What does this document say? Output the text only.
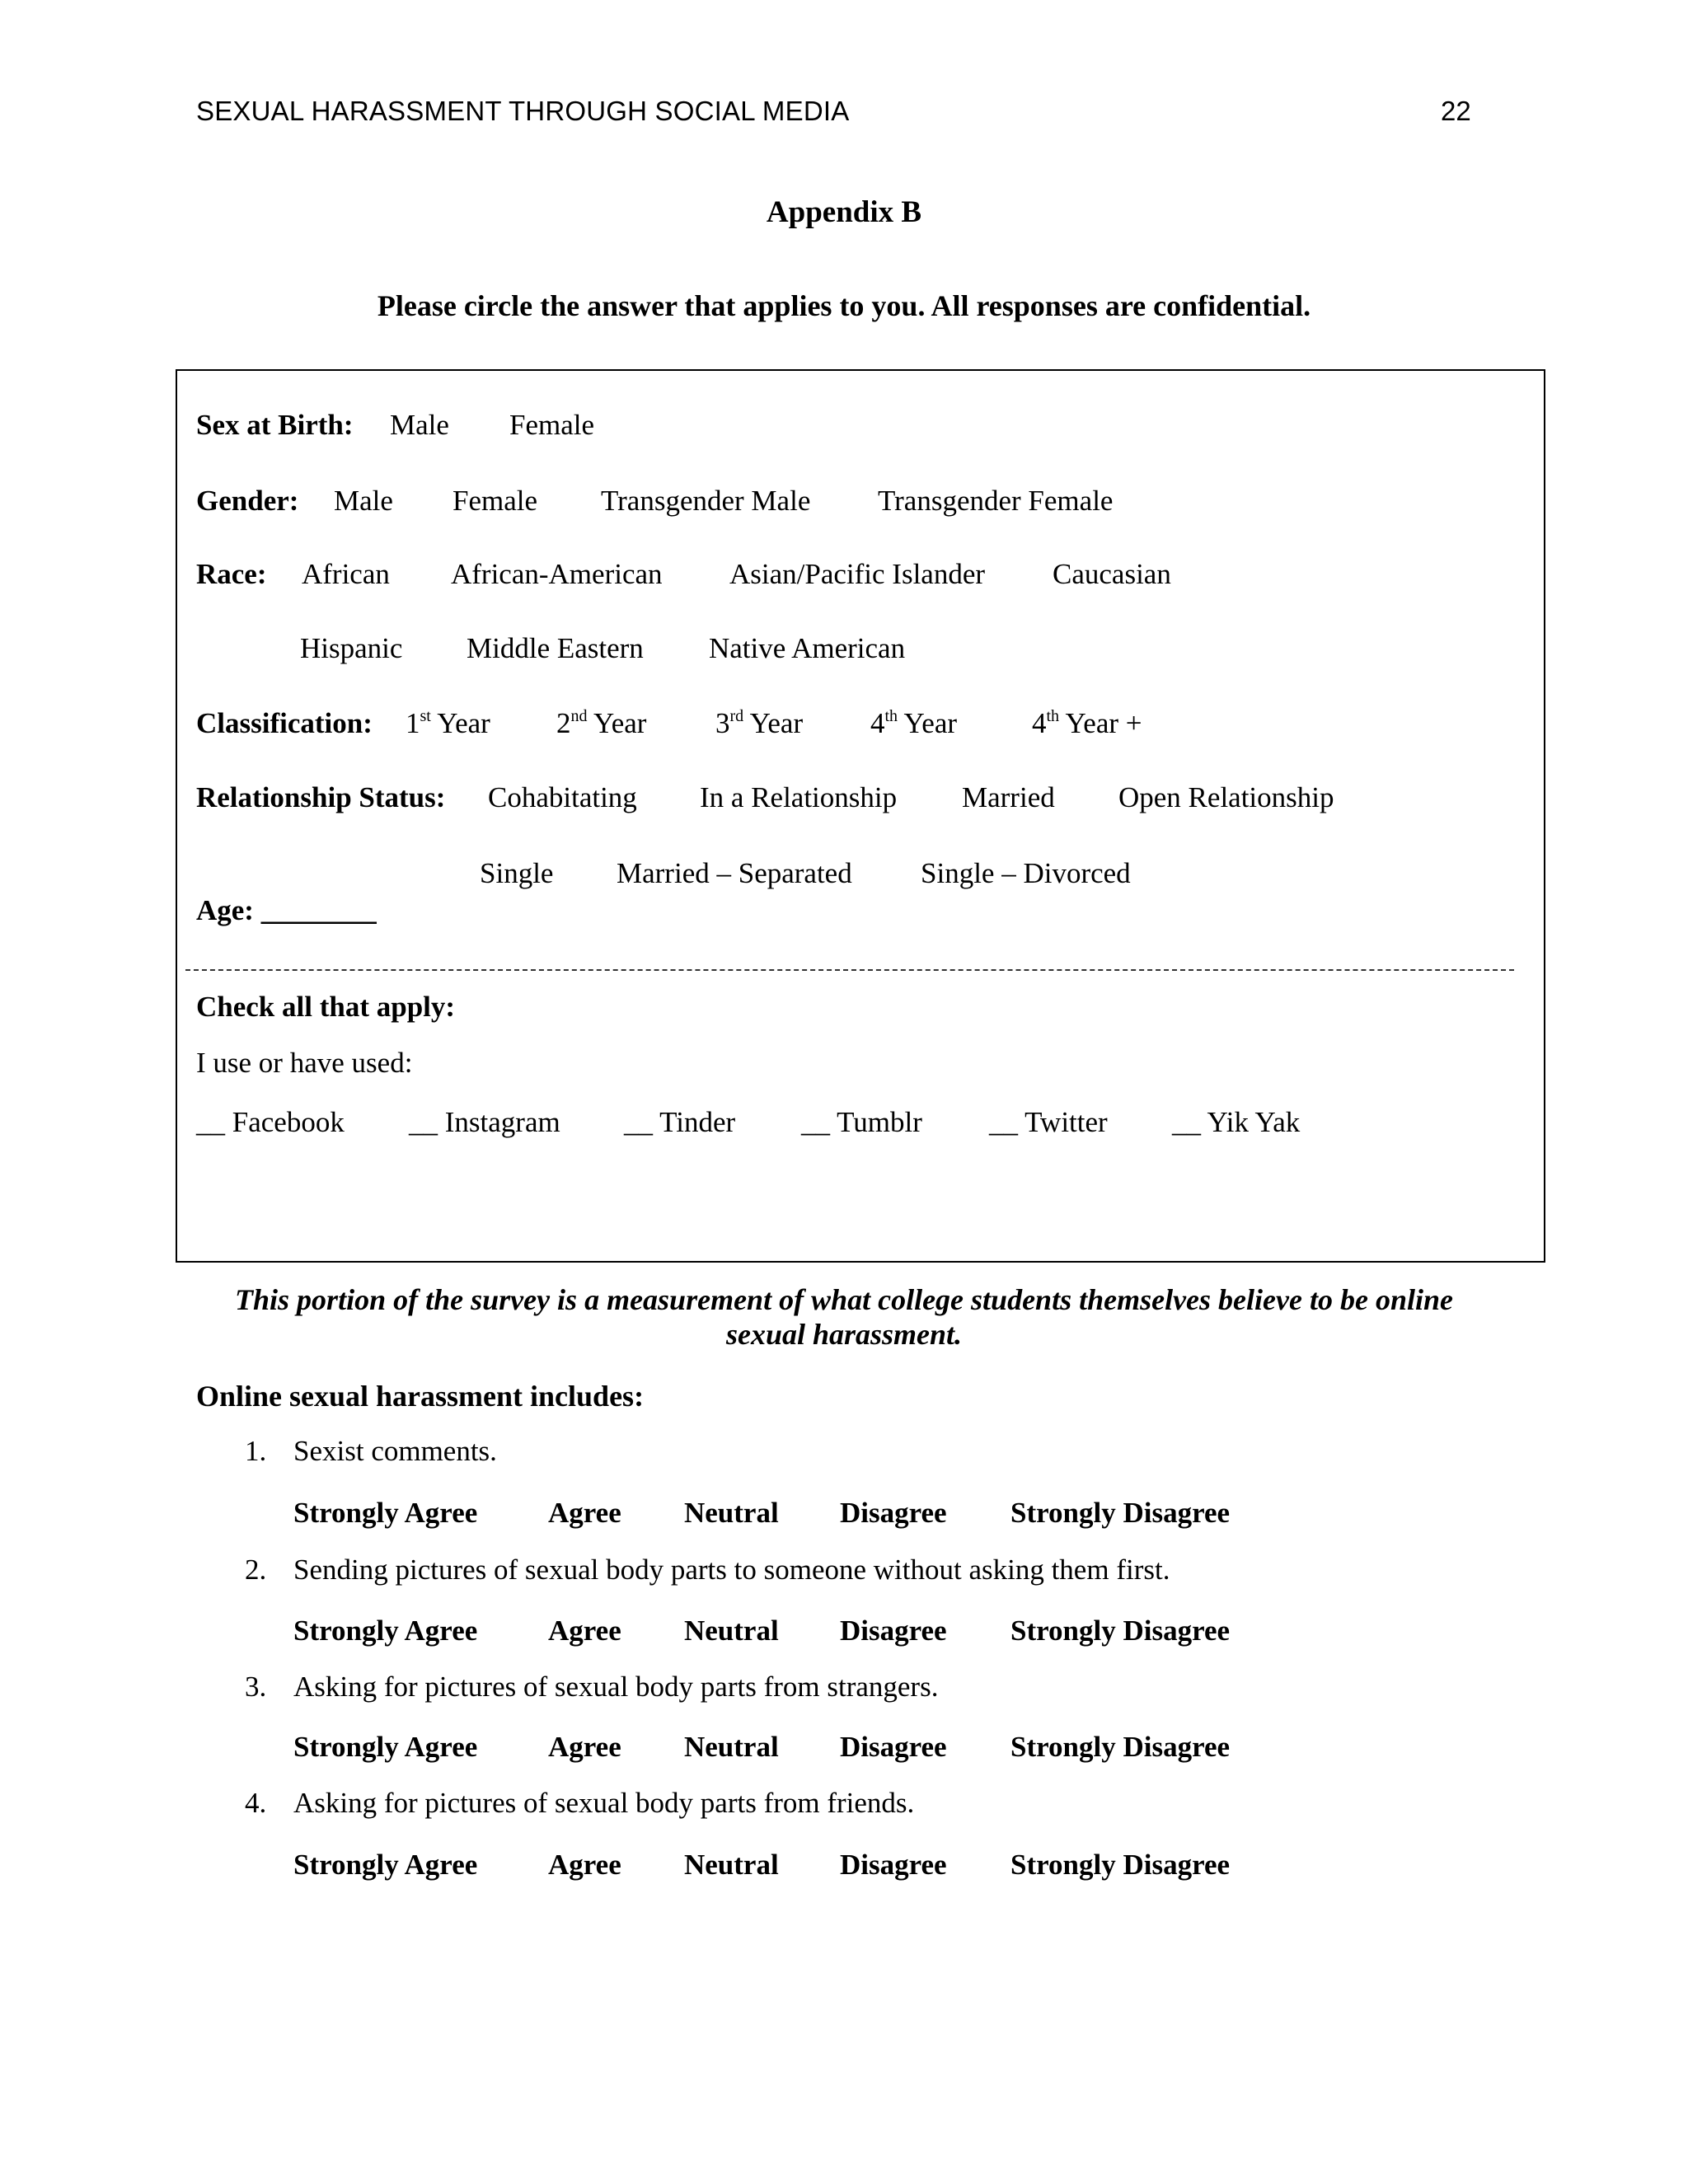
SEXUAL HARASSMENT THROUGH SOCIAL MEDIA	22
Appendix B
Please circle the answer that applies to you. All responses are confidential.
Sex at Birth: Male Female
Gender: Male Female Transgender Male Transgender Female
Race: African African-American Asian/Pacific Islander Caucasian
Hispanic Middle Eastern Native American
Classification: 1st Year 2nd Year 3rd Year 4th Year	4th Year +
Relationship Status: Cohabitating In a Relationship Married Open Relationship
Single Married – Separated Single – Divorced
Age: ________
Check all that apply:
I use or have used:
__ Facebook __ Instagram __ Tinder __ Tumblr __ Twitter __ Yik Yak
This portion of the survey is a measurement of what college students themselves believe to be online
sexual harassment.
Online sexual harassment includes:
1. Sexist comments.
Strongly Agree Agree Neutral Disagree Strongly Disagree
2. Sending pictures of sexual body parts to someone without asking them first.
Strongly Agree Agree Neutral Disagree Strongly Disagree
3. Asking for pictures of sexual body parts from strangers.
Strongly Agree Agree Neutral Disagree Strongly Disagree
4. Asking for pictures of sexual body parts from friends.
Strongly Agree Agree Neutral Disagree Strongly Disagree
